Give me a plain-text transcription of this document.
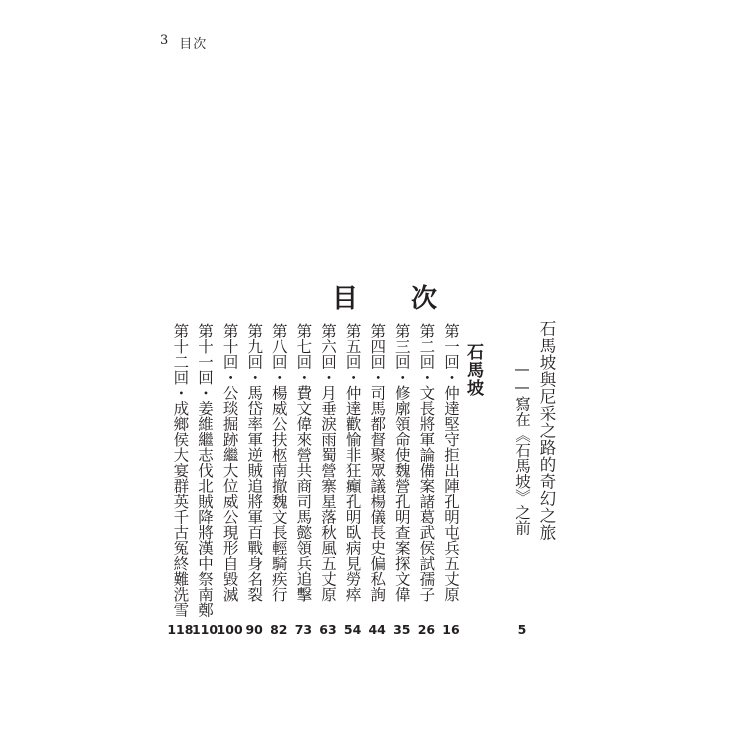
3 目次
目 次
石馬坡與尼采之路的奇幻之旅
——寫在《石馬坡》之前
5
石馬坡
第一回・仲達堅守拒出陣孔明屯兵五丈原
16
第二回・文長將軍論備案諸葛武侯試孺子
26
第三回・修廓領命使魏營孔明查案探文偉
35
第四回・司馬都督聚眾議楊儀長史偏私詢
44
第五回・仲達歡愉非狂癲孔明臥病見勞瘁
54
第六回・月垂淚雨蜀營寨星落秋風五丈原
63
第七回・費文偉來營共商司馬懿領兵追擊
73
第八回・楊威公扶柩南撤魏文長輕騎疾行
82
第九回・馬岱率軍逆賊追將軍百戰身名裂
90
第十回・公琰掘跡繼大位威公現形自毀滅
100
第十一回・姜維繼志伐北賊降將漢中祭南鄭
110
第十二回・成鄉侯大宴群英千古冤終難洗雪
118
